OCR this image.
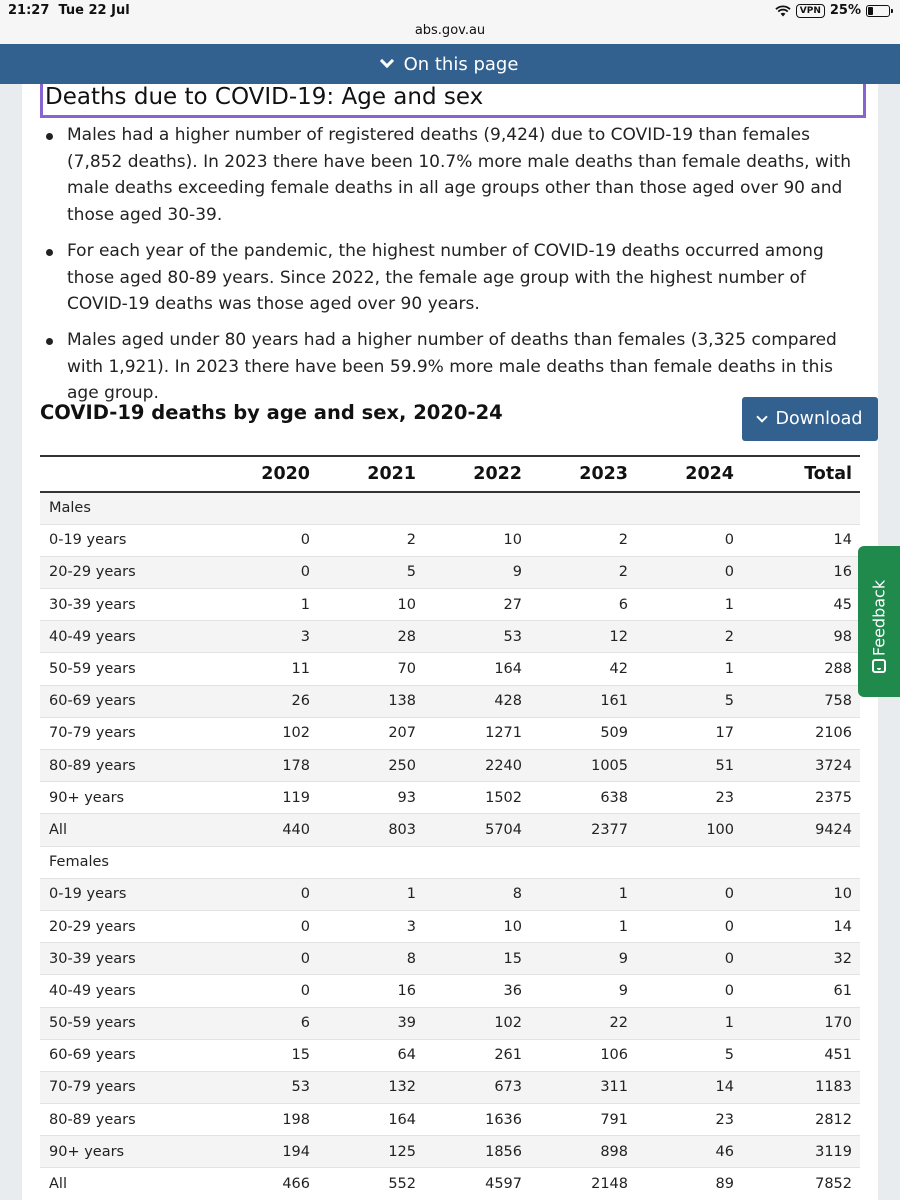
21:27 Tue 22 Jul	VPN 25%
abs.gov.au
On this page
Deaths due to COVID-19: Age and sex
Males had a higher number of registered deaths (9,424) due to COVID-19 than females (7,852 deaths). In 2023 there have been 10.7% more male deaths than female deaths, with male deaths exceeding female deaths in all age groups other than those aged over 90 and those aged 30-39.
For each year of the pandemic, the highest number of COVID-19 deaths occurred among those aged 80-89 years. Since 2022, the female age group with the highest number of COVID-19 deaths was those aged over 90 years.
Males aged under 80 years had a higher number of deaths than females (3,325 compared with 1,921). In 2023 there have been 59.9% more male deaths than female deaths in this age group.
COVID-19 deaths by age and sex, 2020-24	Download
	2020	2021	2022	2023	2024	Total
Males						
0-19 years	0	2	10	2	0	14
20-29 years	0	5	9	2	0	16
30-39 years	1	10	27	6	1	45
40-49 years	3	28	53	12	2	98
50-59 years	11	70	164	42	1	288
60-69 years	26	138	428	161	5	758
70-79 years	102	207	1271	509	17	2106
80-89 years	178	250	2240	1005	51	3724
90+ years	119	93	1502	638	23	2375
All	440	803	5704	2377	100	9424
Females						
0-19 years	0	1	8	1	0	10
20-29 years	0	3	10	1	0	14
30-39 years	0	8	15	9	0	32
40-49 years	0	16	36	9	0	61
50-59 years	6	39	102	22	1	170
60-69 years	15	64	261	106	5	451
70-79 years	53	132	673	311	14	1183
80-89 years	198	164	1636	791	23	2812
90+ years	194	125	1856	898	46	3119
All	466	552	4597	2148	89	7852
Feedback
